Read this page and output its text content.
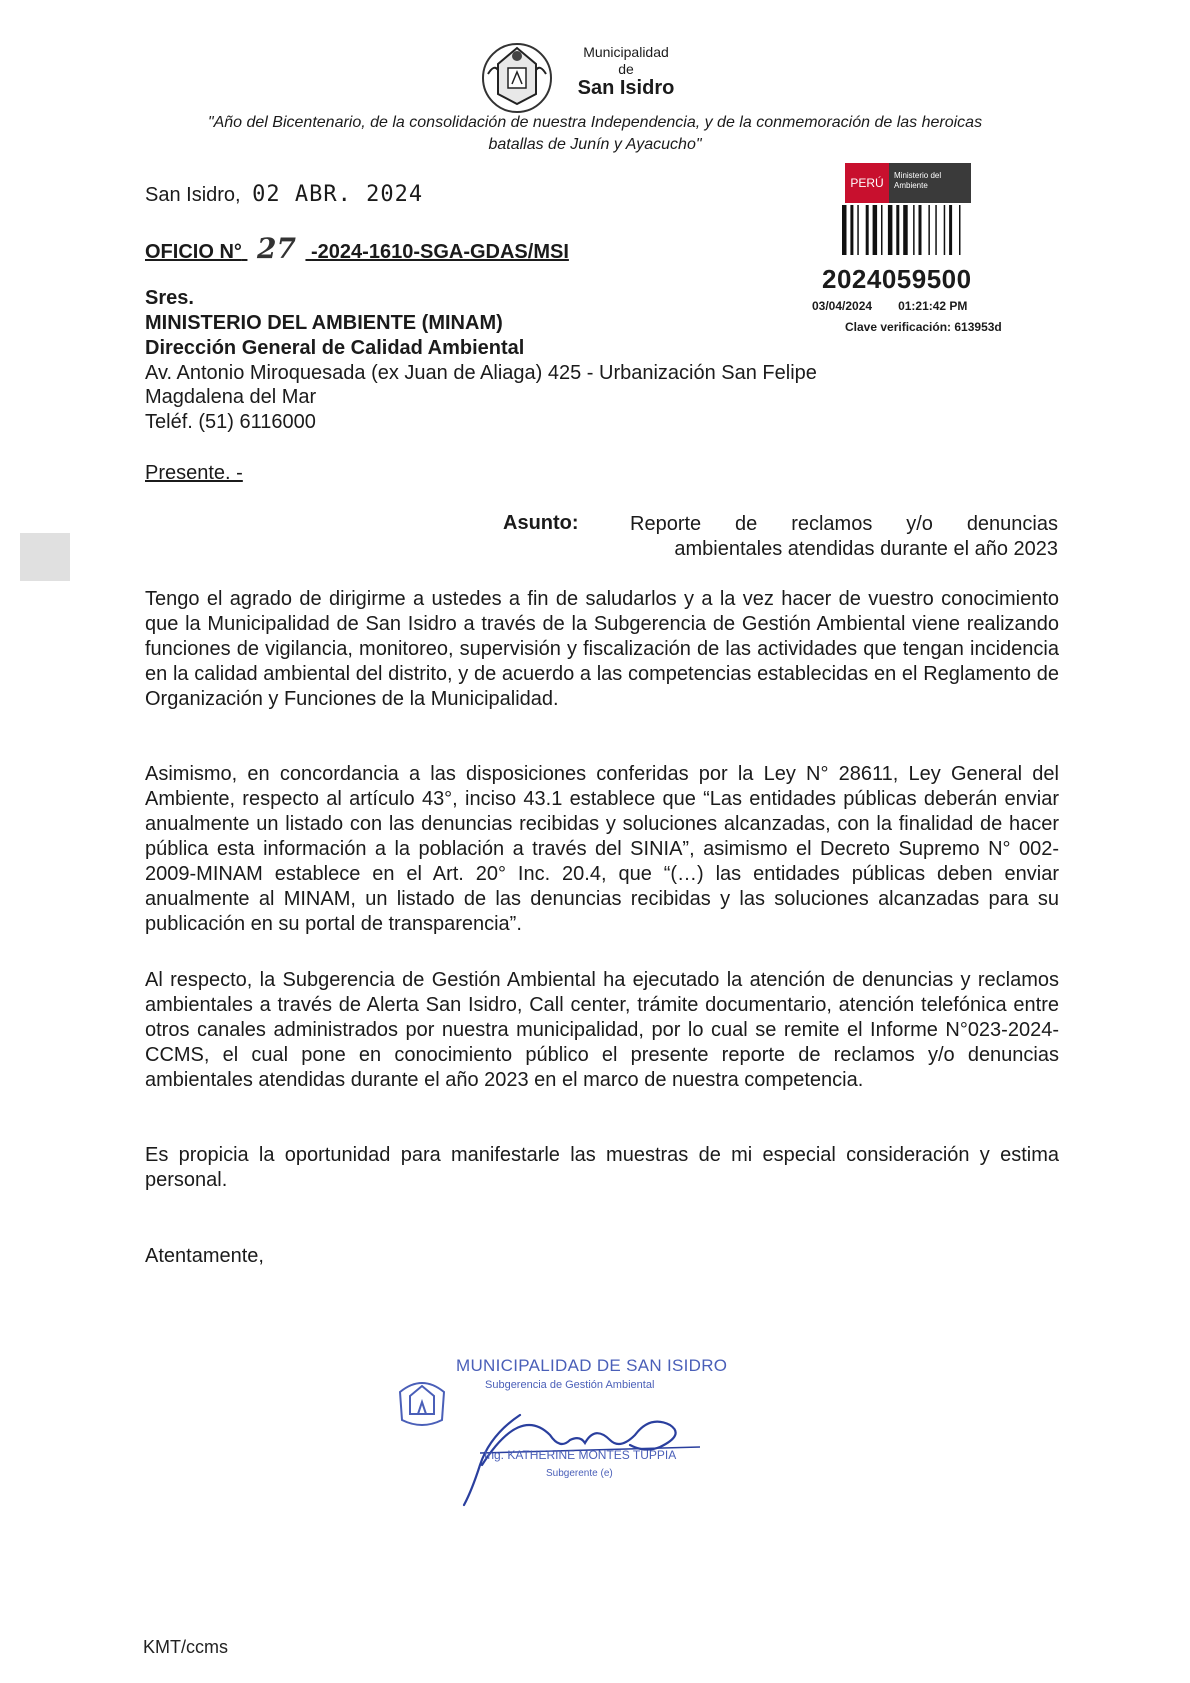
Municipalidad
de
San Isidro
"Año del Bicentenario, de la consolidación de nuestra Independencia, y de la conmemoración de las heroicas
batallas de Junín y Ayacucho"
San Isidro, 02 ABR. 2024
OFICIO N° 27 -2024-1610-SGA-GDAS/MSI
PERÚ
Ministerio del Ambiente
2024059500
03/04/2024 01:21:42 PM
Clave verificación: 613953d
Sres.
MINISTERIO DEL AMBIENTE (MINAM)
Dirección General de Calidad Ambiental
Av. Antonio Miroquesada (ex Juan de Aliaga) 425 - Urbanización San Felipe
Magdalena del Mar
Teléf. (51) 6116000
Presente. -
Asunto:	Reporte de reclamos y/o denuncias ambientales atendidas durante el año 2023
Tengo el agrado de dirigirme a ustedes a fin de saludarlos y a la vez hacer de vuestro conocimiento que la Municipalidad de San Isidro a través de la Subgerencia de Gestión Ambiental viene realizando funciones de vigilancia, monitoreo, supervisión y fiscalización de las actividades que tengan incidencia en la calidad ambiental del distrito, y de acuerdo a las competencias establecidas en el Reglamento de Organización y Funciones de la Municipalidad.
Asimismo, en concordancia a las disposiciones conferidas por la Ley N° 28611, Ley General del Ambiente, respecto al artículo 43°, inciso 43.1 establece que “Las entidades públicas deberán enviar anualmente un listado con las denuncias recibidas y soluciones alcanzadas, con la finalidad de hacer pública esta información a la población a través del SINIA”, asimismo el Decreto Supremo N° 002-2009-MINAM establece en el Art. 20° Inc. 20.4, que “(…) las entidades públicas deben enviar anualmente al MINAM, un listado de las denuncias recibidas y las soluciones alcanzadas para su publicación en su portal de transparencia”.
Al respecto, la Subgerencia de Gestión Ambiental ha ejecutado la atención de denuncias y reclamos ambientales a través de Alerta San Isidro, Call center, trámite documentario, atención telefónica entre otros canales administrados por nuestra municipalidad, por lo cual se remite el Informe N°023-2024-CCMS, el cual pone en conocimiento público el presente reporte de reclamos y/o denuncias ambientales atendidas durante el año 2023 en el marco de nuestra competencia.
Es propicia la oportunidad para manifestarle las muestras de mi especial consideración y estima personal.
Atentamente,
MUNICIPALIDAD DE SAN ISIDRO
Subgerencia de Gestión Ambiental
Ing. KATHERINE MONTES TUPPIA
Subgerente (e)
KMT/ccms
